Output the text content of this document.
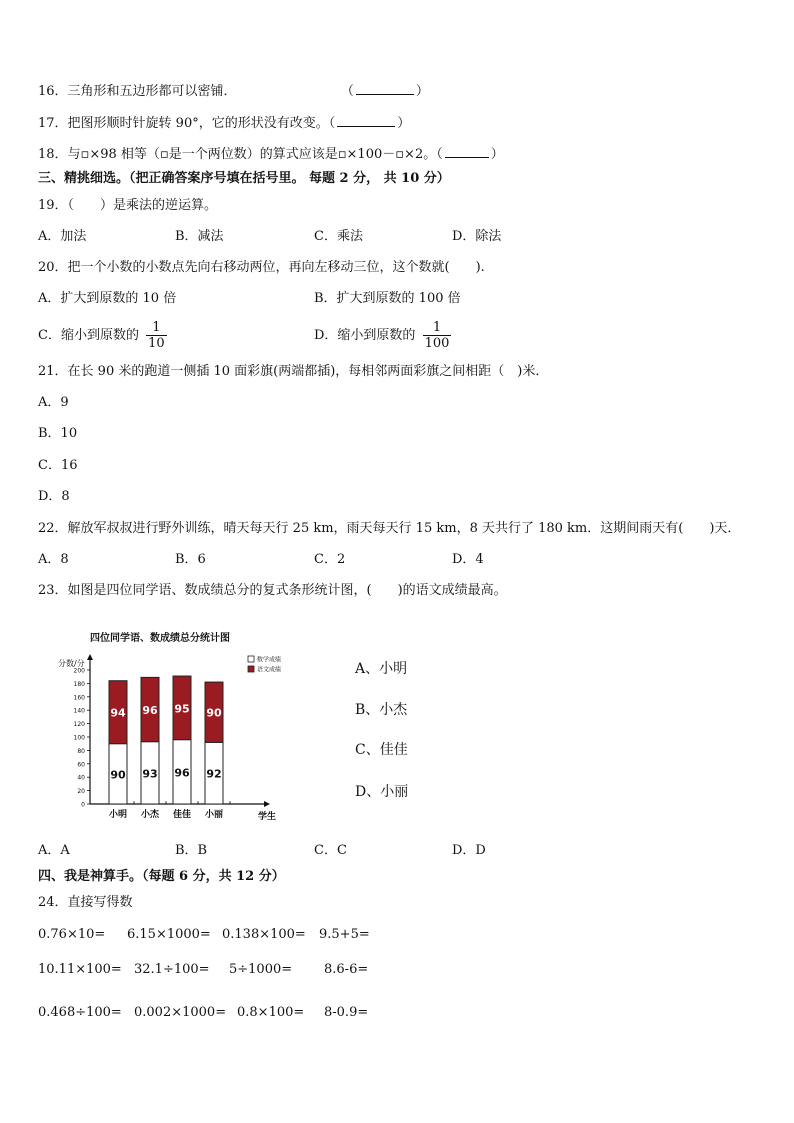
16．三角形和五边形都可以密铺．	（	）
17．把图形顺时针旋转 90°，它的形状没有改变。（	）
18．与▫×98 相等（▫是一个两位数）的算式应该是▫×100－▫×2。（	）
三、精挑细选。（把正确答案序号填在括号里。 每题 2 分， 共 10 分）
19．（　　）是乘法的逆运算。
A．加法	B．减法	C．乘法	D．除法
20．把一个小数的小数点先向右移动两位，再向左移动三位，这个数就(　　).
A．扩大到原数的 10 倍	B．扩大到原数的 100 倍
C．缩小到原数的 $\frac{1}{10}$	D．缩小到原数的 $\frac{1}{100}$
21．在长 90 米的跑道一侧插 10 面彩旗(两端都插)，每相邻两面彩旗之间相距（　)米．
A．9
B．10
C．16
D．8
22．解放军叔叔进行野外训练，晴天每天行 25 km，雨天每天行 15 km，8 天共行了 180 km．这期间雨天有(　　)天．
A．8	B．6	C．2	D．4
23．如图是四位同学语、数成绩总分的复式条形统计图，(　　)的语文成绩最高。
四位同学语、数成绩总分统计图
分数/分
学生
0
20
40
60
80
100
120
140
160
180
200
90
94
93
96
96
95
92
90
小明 小杰 佳佳 小丽
数学成绩
语文成绩	A、小明
B、小杰
C、佳佳
D、小丽
A．A	B．B	C．C	D．D
四、我是神算手。（每题 6 分，共 12 分）
24．直接写得数
0.76×10= 6.15×1000= 0.138×100= 9.5+5=
10.11×100= 32.1÷100= 5÷1000= 8.6-6=
0.468÷100= 0.002×1000= 0.8×100= 8-0.9=
